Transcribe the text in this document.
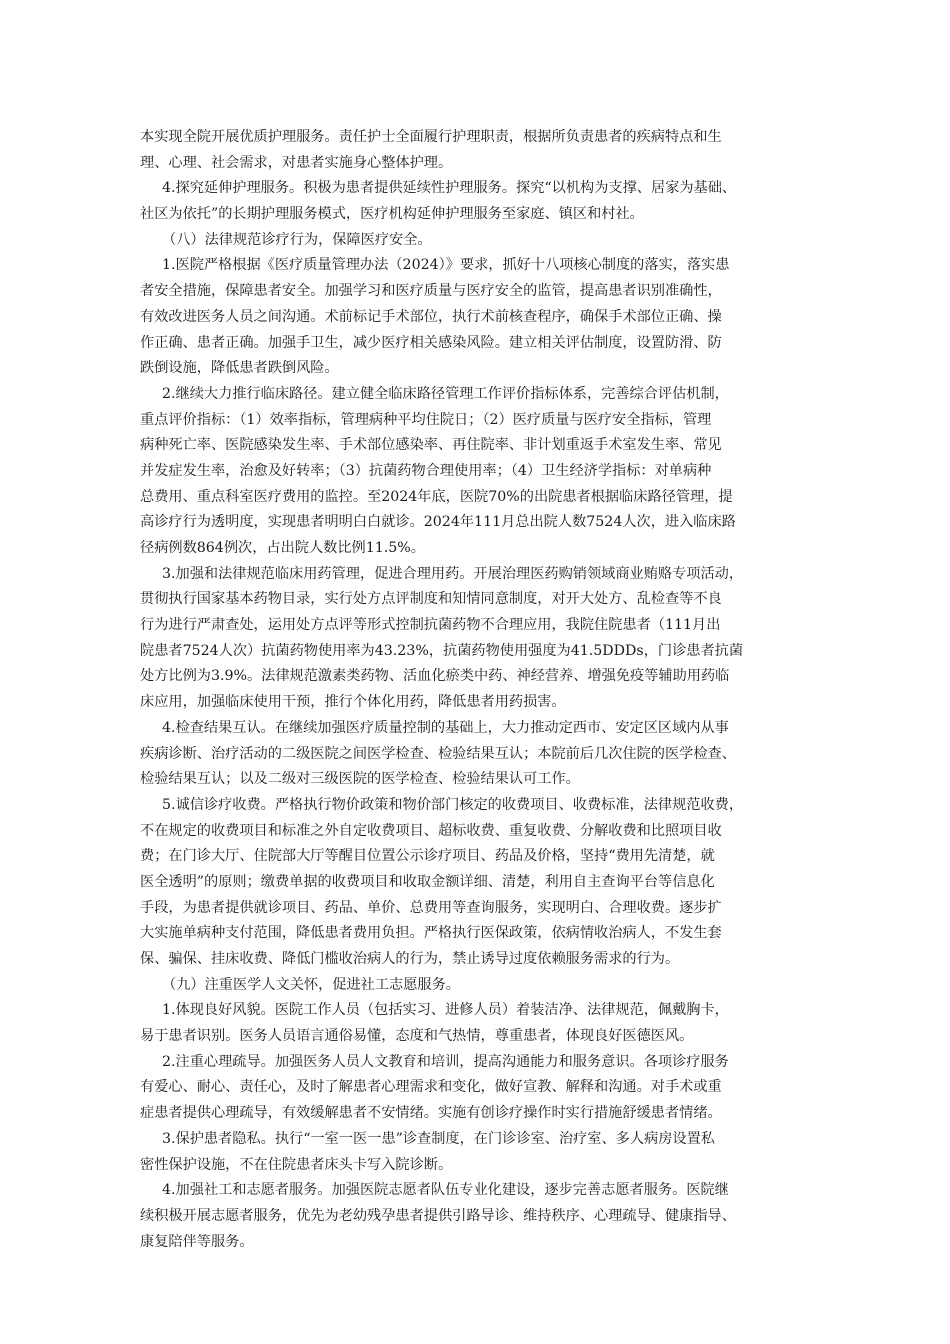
本实现全院开展优质护理服务。责任护士全面履行护理职责，根据所负责患者的疾病特点和生
理、心理、社会需求，对患者实施身心整体护理。
4.探究延伸护理服务。积极为患者提供延续性护理服务。探究“以机构为支撑、居家为基础、
社区为依托”的长期护理服务模式，医疗机构延伸护理服务至家庭、镇区和村社。
（八）法律规范诊疗行为，保障医疗安全。
1.医院严格根据《医疗质量管理办法（2024）》要求，抓好十八项核心制度的落实，落实患
者安全措施，保障患者安全。加强学习和医疗质量与医疗安全的监管，提高患者识别准确性，
有效改进医务人员之间沟通。术前标记手术部位，执行术前核查程序，确保手术部位正确、操
作正确、患者正确。加强手卫生，减少医疗相关感染风险。建立相关评估制度，设置防滑、防
跌倒设施，降低患者跌倒风险。
2.继续大力推行临床路径。建立健全临床路径管理工作评价指标体系，完善综合评估机制，
重点评价指标：（1）效率指标，管理病种平均住院日；（2）医疗质量与医疗安全指标，管理
病种死亡率、医院感染发生率、手术部位感染率、再住院率、非计划重返手术室发生率、常见
并发症发生率，治愈及好转率；（3）抗菌药物合理使用率；（4）卫生经济学指标：对单病种
总费用、重点科室医疗费用的监控。至2024年底，医院70%的出院患者根据临床路径管理，提
高诊疗行为透明度，实现患者明明白白就诊。2024年111月总出院人数7524人次，进入临床路
径病例数864例次，占出院人数比例11.5%。
3.加强和法律规范临床用药管理，促进合理用药。开展治理医药购销领域商业贿赂专项活动，
贯彻执行国家基本药物目录，实行处方点评制度和知情同意制度，对开大处方、乱检查等不良
行为进行严肃查处，运用处方点评等形式控制抗菌药物不合理应用，我院住院患者（111月出
院患者7524人次）抗菌药物使用率为43.23%，抗菌药物使用强度为41.5DDDs，门诊患者抗菌
处方比例为3.9%。法律规范激素类药物、活血化瘀类中药、神经营养、增强免疫等辅助用药临
床应用，加强临床使用干预，推行个体化用药，降低患者用药损害。
4.检查结果互认。在继续加强医疗质量控制的基础上，大力推动定西市、安定区区域内从事
疾病诊断、治疗活动的二级医院之间医学检查、检验结果互认；本院前后几次住院的医学检查、
检验结果互认；以及二级对三级医院的医学检查、检验结果认可工作。
5.诚信诊疗收费。严格执行物价政策和物价部门核定的收费项目、收费标准，法律规范收费，
不在规定的收费项目和标准之外自定收费项目、超标收费、重复收费、分解收费和比照项目收
费；在门诊大厅、住院部大厅等醒目位置公示诊疗项目、药品及价格，坚持“费用先清楚，就
医全透明”的原则；缴费单据的收费项目和收取金额详细、清楚，利用自主查询平台等信息化
手段，为患者提供就诊项目、药品、单价、总费用等查询服务，实现明白、合理收费。逐步扩
大实施单病种支付范围，降低患者费用负担。严格执行医保政策，依病情收治病人，不发生套
保、骗保、挂床收费、降低门槛收治病人的行为，禁止诱导过度依赖服务需求的行为。
（九）注重医学人文关怀，促进社工志愿服务。
1.体现良好风貌。医院工作人员（包括实习、进修人员）着装洁净、法律规范，佩戴胸卡，
易于患者识别。医务人员语言通俗易懂，态度和气热情，尊重患者，体现良好医德医风。
2.注重心理疏导。加强医务人员人文教育和培训，提高沟通能力和服务意识。各项诊疗服务
有爱心、耐心、责任心，及时了解患者心理需求和变化，做好宣教、解释和沟通。对手术或重
症患者提供心理疏导，有效缓解患者不安情绪。实施有创诊疗操作时实行措施舒缓患者情绪。
3.保护患者隐私。执行“一室一医一患”诊查制度，在门诊诊室、治疗室、多人病房设置私
密性保护设施，不在住院患者床头卡写入院诊断。
4.加强社工和志愿者服务。加强医院志愿者队伍专业化建设，逐步完善志愿者服务。医院继
续积极开展志愿者服务，优先为老幼残孕患者提供引路导诊、维持秩序、心理疏导、健康指导、
康复陪伴等服务。
